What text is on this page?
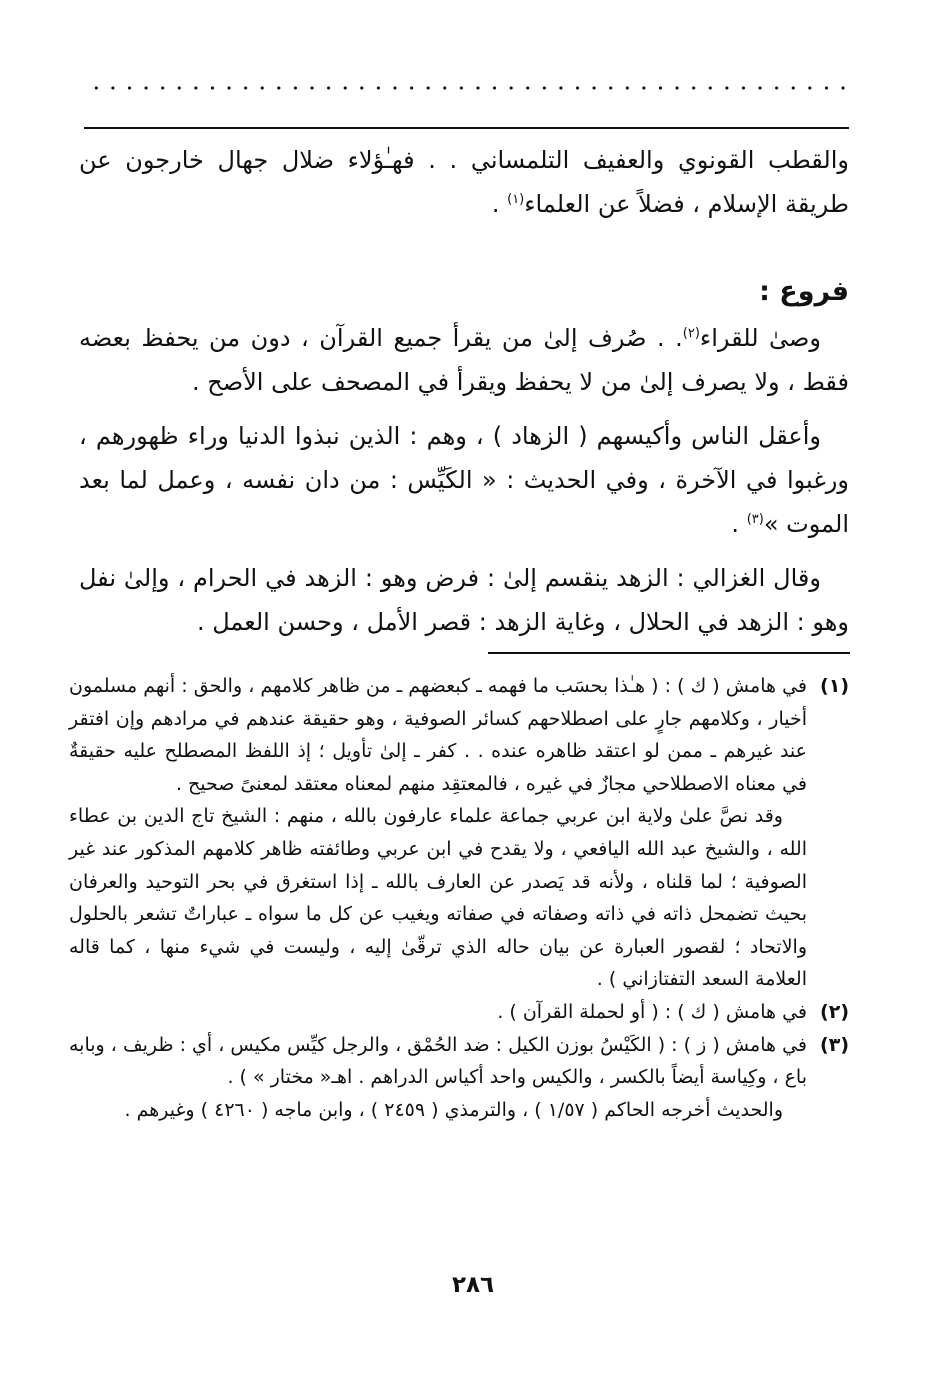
والقطب القونوي والعفيف التلمساني . . فهـٰؤلاء ضلال جهال خارجون عن طريقة الإسلام ، فضلاً عن العلماء$^{(١)}$ .

فروع :

وصىٰ للقراء$^{(٢)}$. . صُرف إلىٰ من يقرأ جميع القرآن ، دون من يحفظ بعضه فقط ، ولا يصرف إلىٰ من لا يحفظ ويقرأ في المصحف على الأصح .

وأعقل الناس وأكيسهم ( الزهاد ) ، وهم : الذين نبذوا الدنيا وراء ظهورهم ، ورغبوا في الآخرة ، وفي الحديث : « الكَيِّس : من دان نفسه ، وعمل لما بعد الموت »$^{(٣)}$ .

وقال الغزالي : الزهد ينقسم إلىٰ : فرض وهو : الزهد في الحرام ، وإلىٰ نفل وهو : الزهد في الحلال ، وغاية الزهد : قصر الأمل ، وحسن العمل .

(١)

في هامش ( ك ) : ( هـٰذا بحسَب ما فهمه ـ كبعضهم ـ من ظاهر كلامهم ، والحق : أنهم مسلمون أخيار ، وكلامهم جارٍ على اصطلاحهم كسائر الصوفية ، وهو حقيقة عندهم في مرادهم وإن افتقر عند غيرهم ـ ممن لو اعتقد ظاهره عنده . . كفر ـ إلىٰ تأويل ؛ إذ اللفظ المصطلح عليه حقيقةٌ في معناه الاصطلاحي مجازٌ في غيره ، فالمعتقِد منهم لمعناه معتقد لمعنىً صحيح .

وقد نصَّ علىٰ ولاية ابن عربي جماعة علماء عارفون بالله ، منهم : الشيخ تاج الدين بن عطاء الله ، والشيخ عبد الله اليافعي ، ولا يقدح في ابن عربي وطائفته ظاهر كلامهم المذكور عند غير الصوفية ؛ لما قلناه ، ولأنه قد يَصدر عن العارف بالله ـ إذا استغرق في بحر التوحيد والعرفان بحيث تضمحل ذاته في ذاته وصفاته في صفاته ويغيب عن كل ما سواه ـ عباراتٌ تشعر بالحلول والاتحاد ؛ لقصور العبارة عن بيان حاله الذي ترقّىٰ إليه ، وليست في شيء منها ، كما قاله العلامة السعد التفتازاني ) .

(٢)

في هامش ( ك ) : ( أو لحملة القرآن ) .

(٣)

في هامش ( ز ) : ( الكَيْسُ بوزن الكيل : ضد الحُمْق ، والرجل كيِّس مكيس ، أي : ظريف ، وبابه باع ، وكِياسة أيضاً بالكسر ، والكيس واحد أكياس الدراهم . اهـ« مختار » ) .

والحديث أخرجه الحاكم ( ١/٥٧ ) ، والترمذي ( ٢٤٥٩ ) ، وابن ماجه ( ٤٢٦٠ ) وغيرهم .

٢٨٦
